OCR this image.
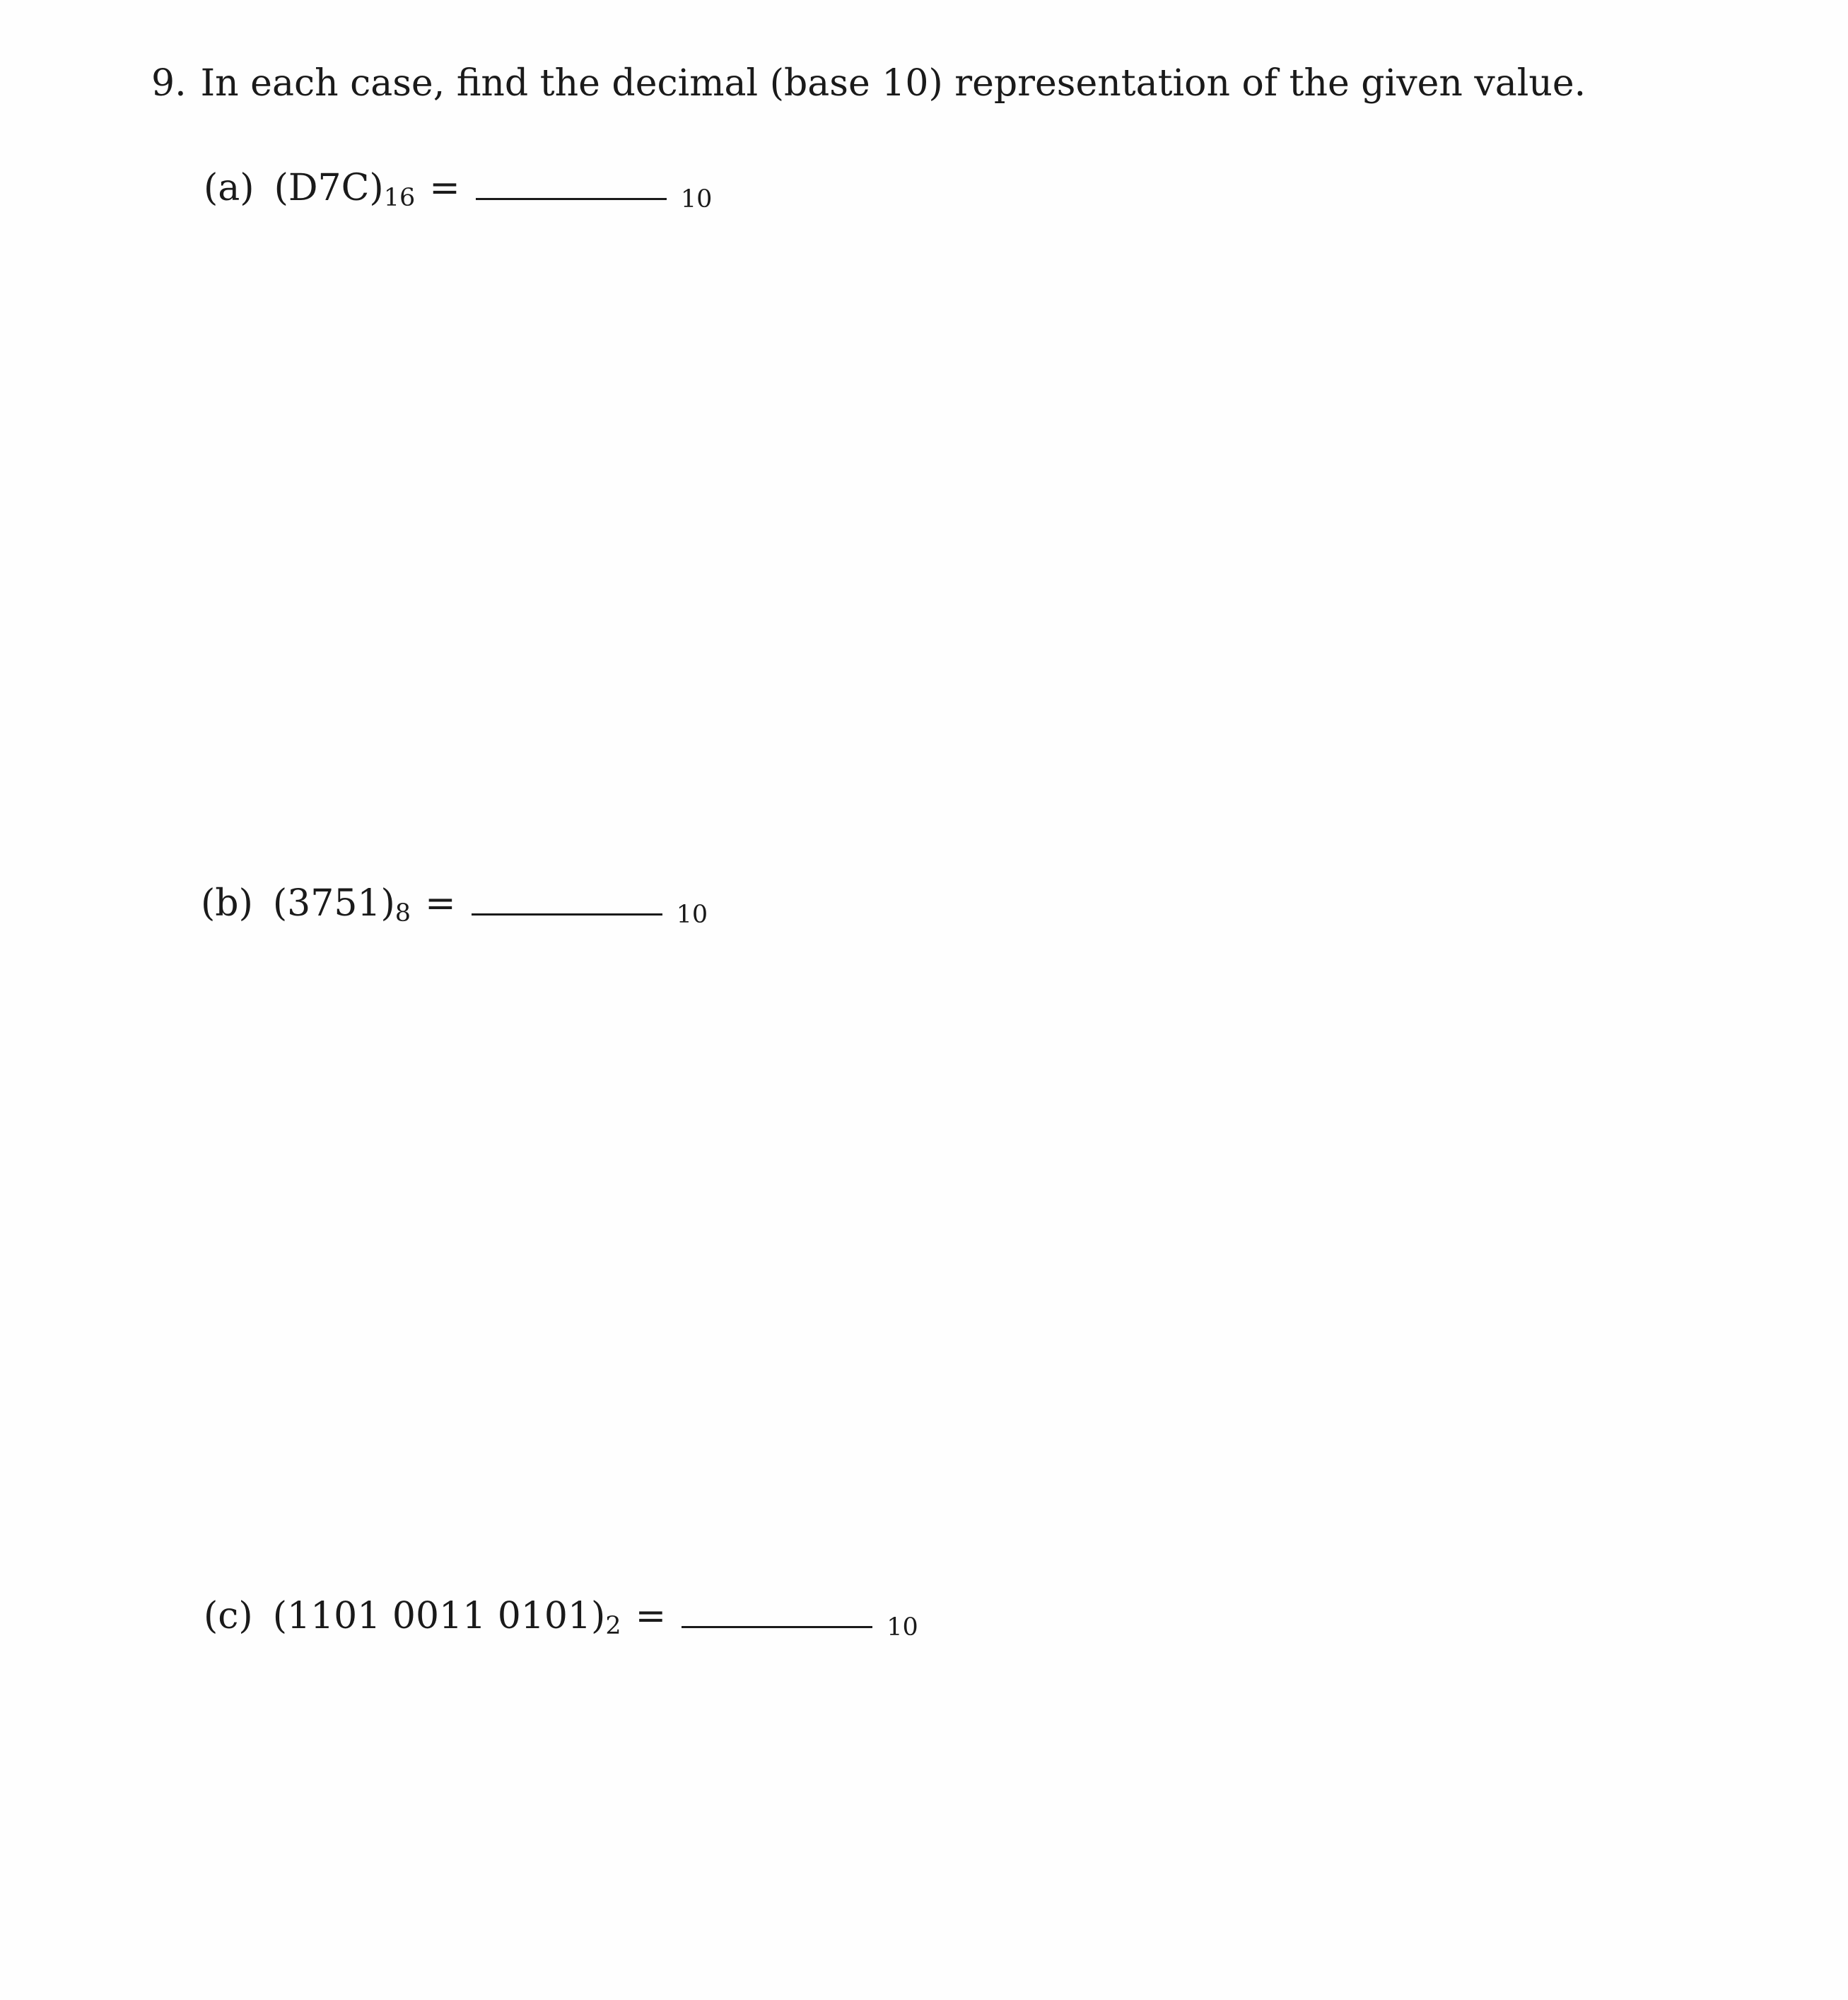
9. In each case, find the decimal (base 10) representation of the given value.
(a) $(D7C)_{16}$ =	10
(b) $(3751)_8$ =	10
(c) (1101 0011 $0101)_2$ =	10
